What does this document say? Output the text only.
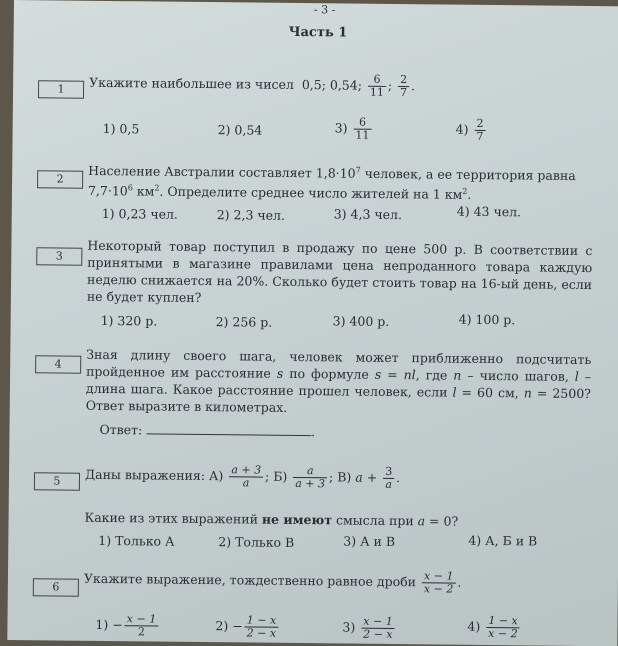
- 3 -
Часть 1
1	Укажите наибольшее из чисел 0,5; 0,54; $\frac{6}{11}$ ; $\frac{2}{7}$ .
1) 0,5	2) 0,54	$3) \frac{6}{11}$	$4) \frac{2}{7}$
2	Население Австралии составляет $1,8\cdot 10^7$ человек, а ее территория равна
$7,7\cdot 10^6$ $км^2$. Определите среднее число жителей на 1 $км^2$.
1) 0,23 чел.	2) 2,3 чел.	3) 4,3 чел.	4) 43 чел.
3	Некоторый товар поступил в продажу по цене 500 р. В соответствии с принятыми в магазине правилами цена непроданного товара каждую неделю снижается на 20%. Сколько будет стоить товар на 16-ый день, если не будет куплен?
1) 320 р.	2) 256 р.	3) 400 р.	4) 100 р.
4	Зная длину своего шага, человек может приближенно подсчитать пройденное им расстояние s по формуле s = nl, где n – число шагов, l – длина шага. Какое расстояние прошел человек, если l = 60 см, n = 2500? Ответ выразите в километрах.
Ответ:	.
5	Даны выражения: $А) \frac{a + 3}{a}$ ; $Б) \frac{a}{a + 3}$ ; В) $a + \frac{3}{a}$ .
Какие из этих выражений не имеют смысла при a = 0?
1) Только А	2) Только В	3) А и В	4) А, Б и В
6	Укажите выражение, тождественно равное дроби $\frac{x - 1}{x - 2}$ .
$1) - \frac{x - 1}{2}$	$2) - \frac{1 - x}{2 - x}$	$3) \frac{x - 1}{2 - x}$	$4) \frac{1 - x}{x - 2}$
